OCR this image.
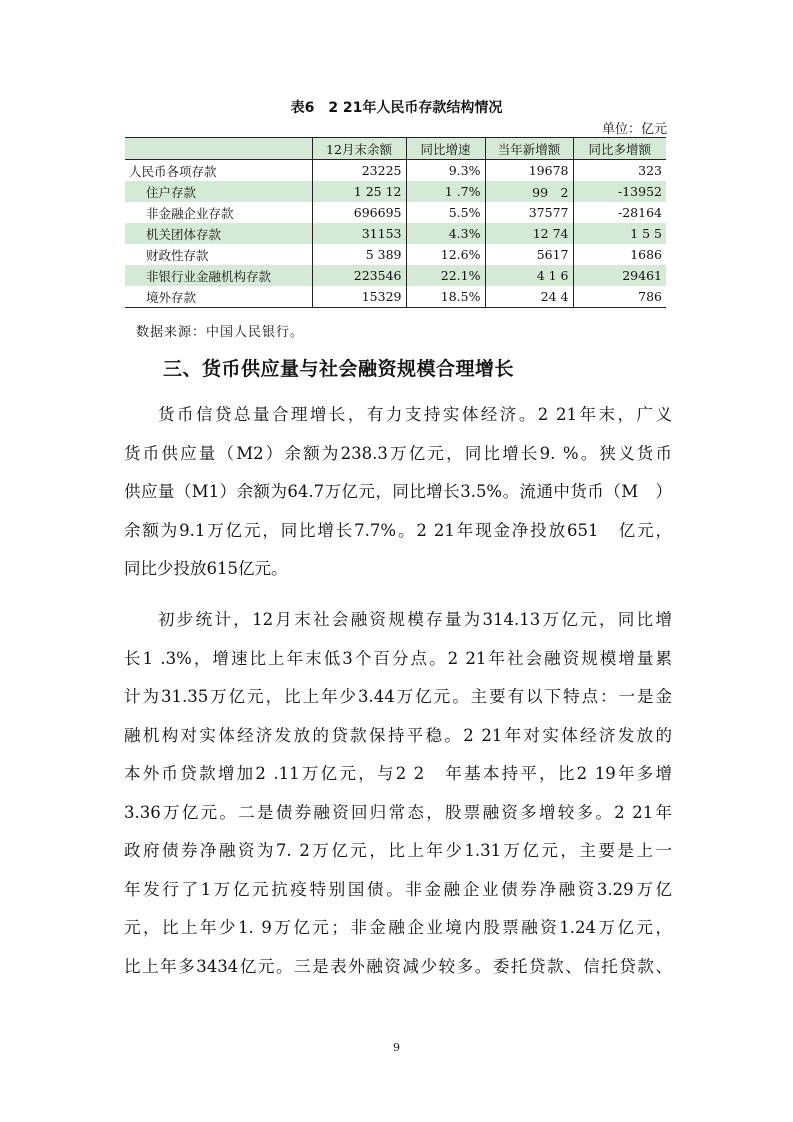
表6　2 21年人民币存款结构情况
单位：亿元
	12月末余额	同比增速	当年新增额	同比多增额
人民币各项存款	23225	9.3%	19678	323
住户存款	1 25 12	1 .7%	99　2	-13952
非金融企业存款	696695	5.5%	37577	-28164
机关团体存款	31153	4.3%	12 74	1 5 5
财政性存款	5 389	12.6%	5617	1686
非银行业金融机构存款	223546	22.1%	4 1 6	29461
境外存款	15329	18.5%	24 4	786
数据来源：中国人民银行。
三、货币供应量与社会融资规模合理增长
货币信贷总量合理增长，有力支持实体经济。2 21年末，广义
货币供应量（M2）余额为238.3万亿元，同比增长9. %。狭义货币
供应量（M1）余额为64.7万亿元，同比增长3.5%。流通中货币（M　）
余额为9.1万亿元，同比增长7.7%。2 21年现金净投放651　亿元，
同比少投放615亿元。
初步统计，12月末社会融资规模存量为314.13万亿元，同比增
长1 .3%，增速比上年末低3个百分点。2 21年社会融资规模增量累
计为31.35万亿元，比上年少3.44万亿元。主要有以下特点：一是金
融机构对实体经济发放的贷款保持平稳。2 21年对实体经济发放的
本外币贷款增加2 .11万亿元，与2 2　年基本持平，比2 19年多增
3.36万亿元。二是债券融资回归常态，股票融资多增较多。2 21年
政府债券净融资为7. 2万亿元，比上年少1.31万亿元，主要是上一
年发行了1万亿元抗疫特别国债。非金融企业债券净融资3.29万亿
元，比上年少1. 9万亿元；非金融企业境内股票融资1.24万亿元，
比上年多3434亿元。三是表外融资减少较多。委托贷款、信托贷款、
9
